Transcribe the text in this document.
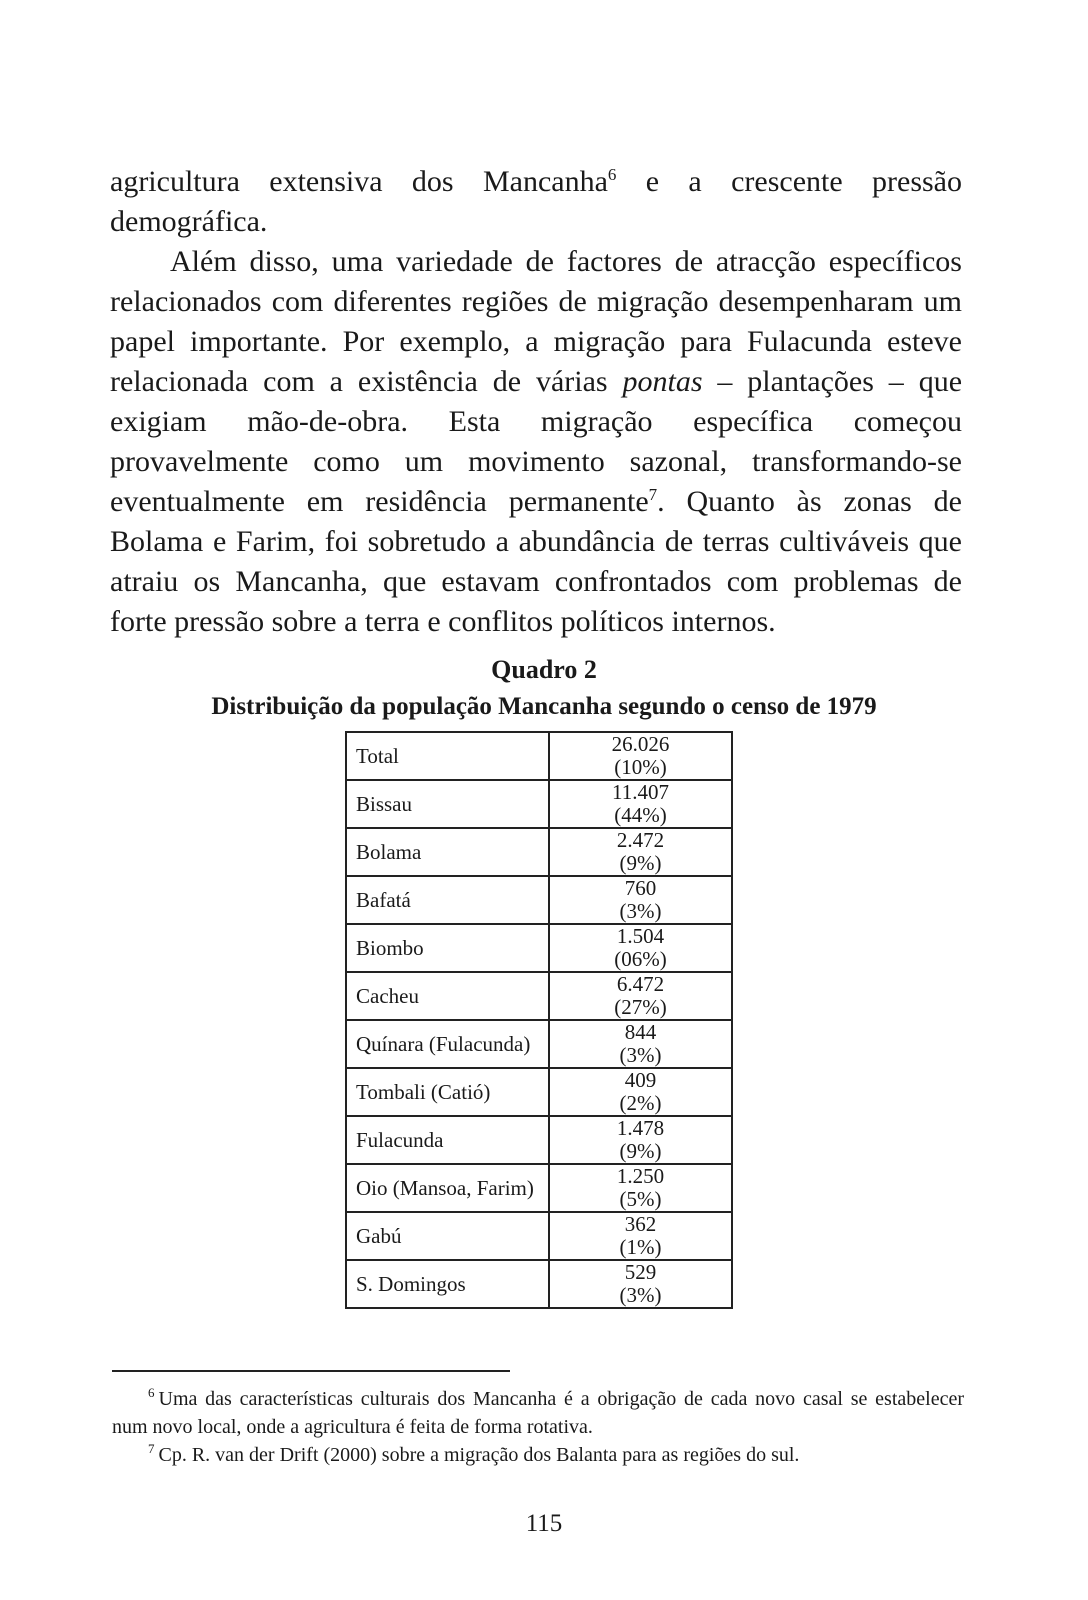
agricultura extensiva dos Mancanha$^6$ e a crescente pressão demográfica.

Além disso, uma variedade de factores de atracção específicos relacionados com diferentes regiões de migração desempenharam um papel importante. Por exemplo, a migração para Fulacunda esteve relacionada com a existência de várias pontas – plantações – que exigiam mão-de-obra. Esta migração específica começou provavelmente como um movimento sazonal, transformando-se eventualmente em residência permanente$^7$. Quanto às zonas de Bolama e Farim, foi sobretudo a abundância de terras cultiváveis que atraiu os Mancanha, que estavam confrontados com problemas de forte pressão sobre a terra e conflitos políticos internos.

Quadro 2
Distribuição da população Mancanha segundo o censo de 1979
Total	26.026
(10%)

Bissau	11.407
(44%)

Bolama	2.472
(9%)

Bafatá	760
(3%)

Biombo	1.504
(06%)

Cacheu	6.472
(27%)

Quínara (Fulacunda)	844
(3%)

Tombali (Catió)	409
(2%)

Fulacunda	1.478
(9%)

Oio (Mansoa, Farim)	1.250
(5%)

Gabú	362
(1%)

S. Domingos	529
(3%)

$^6$ Uma das características culturais dos Mancanha é a obrigação de cada novo casal se estabelecer num novo local, onde a agricultura é feita de forma rotativa.

$^7$ Cp. R. van der Drift (2000) sobre a migração dos Balanta para as regiões do sul.

115
